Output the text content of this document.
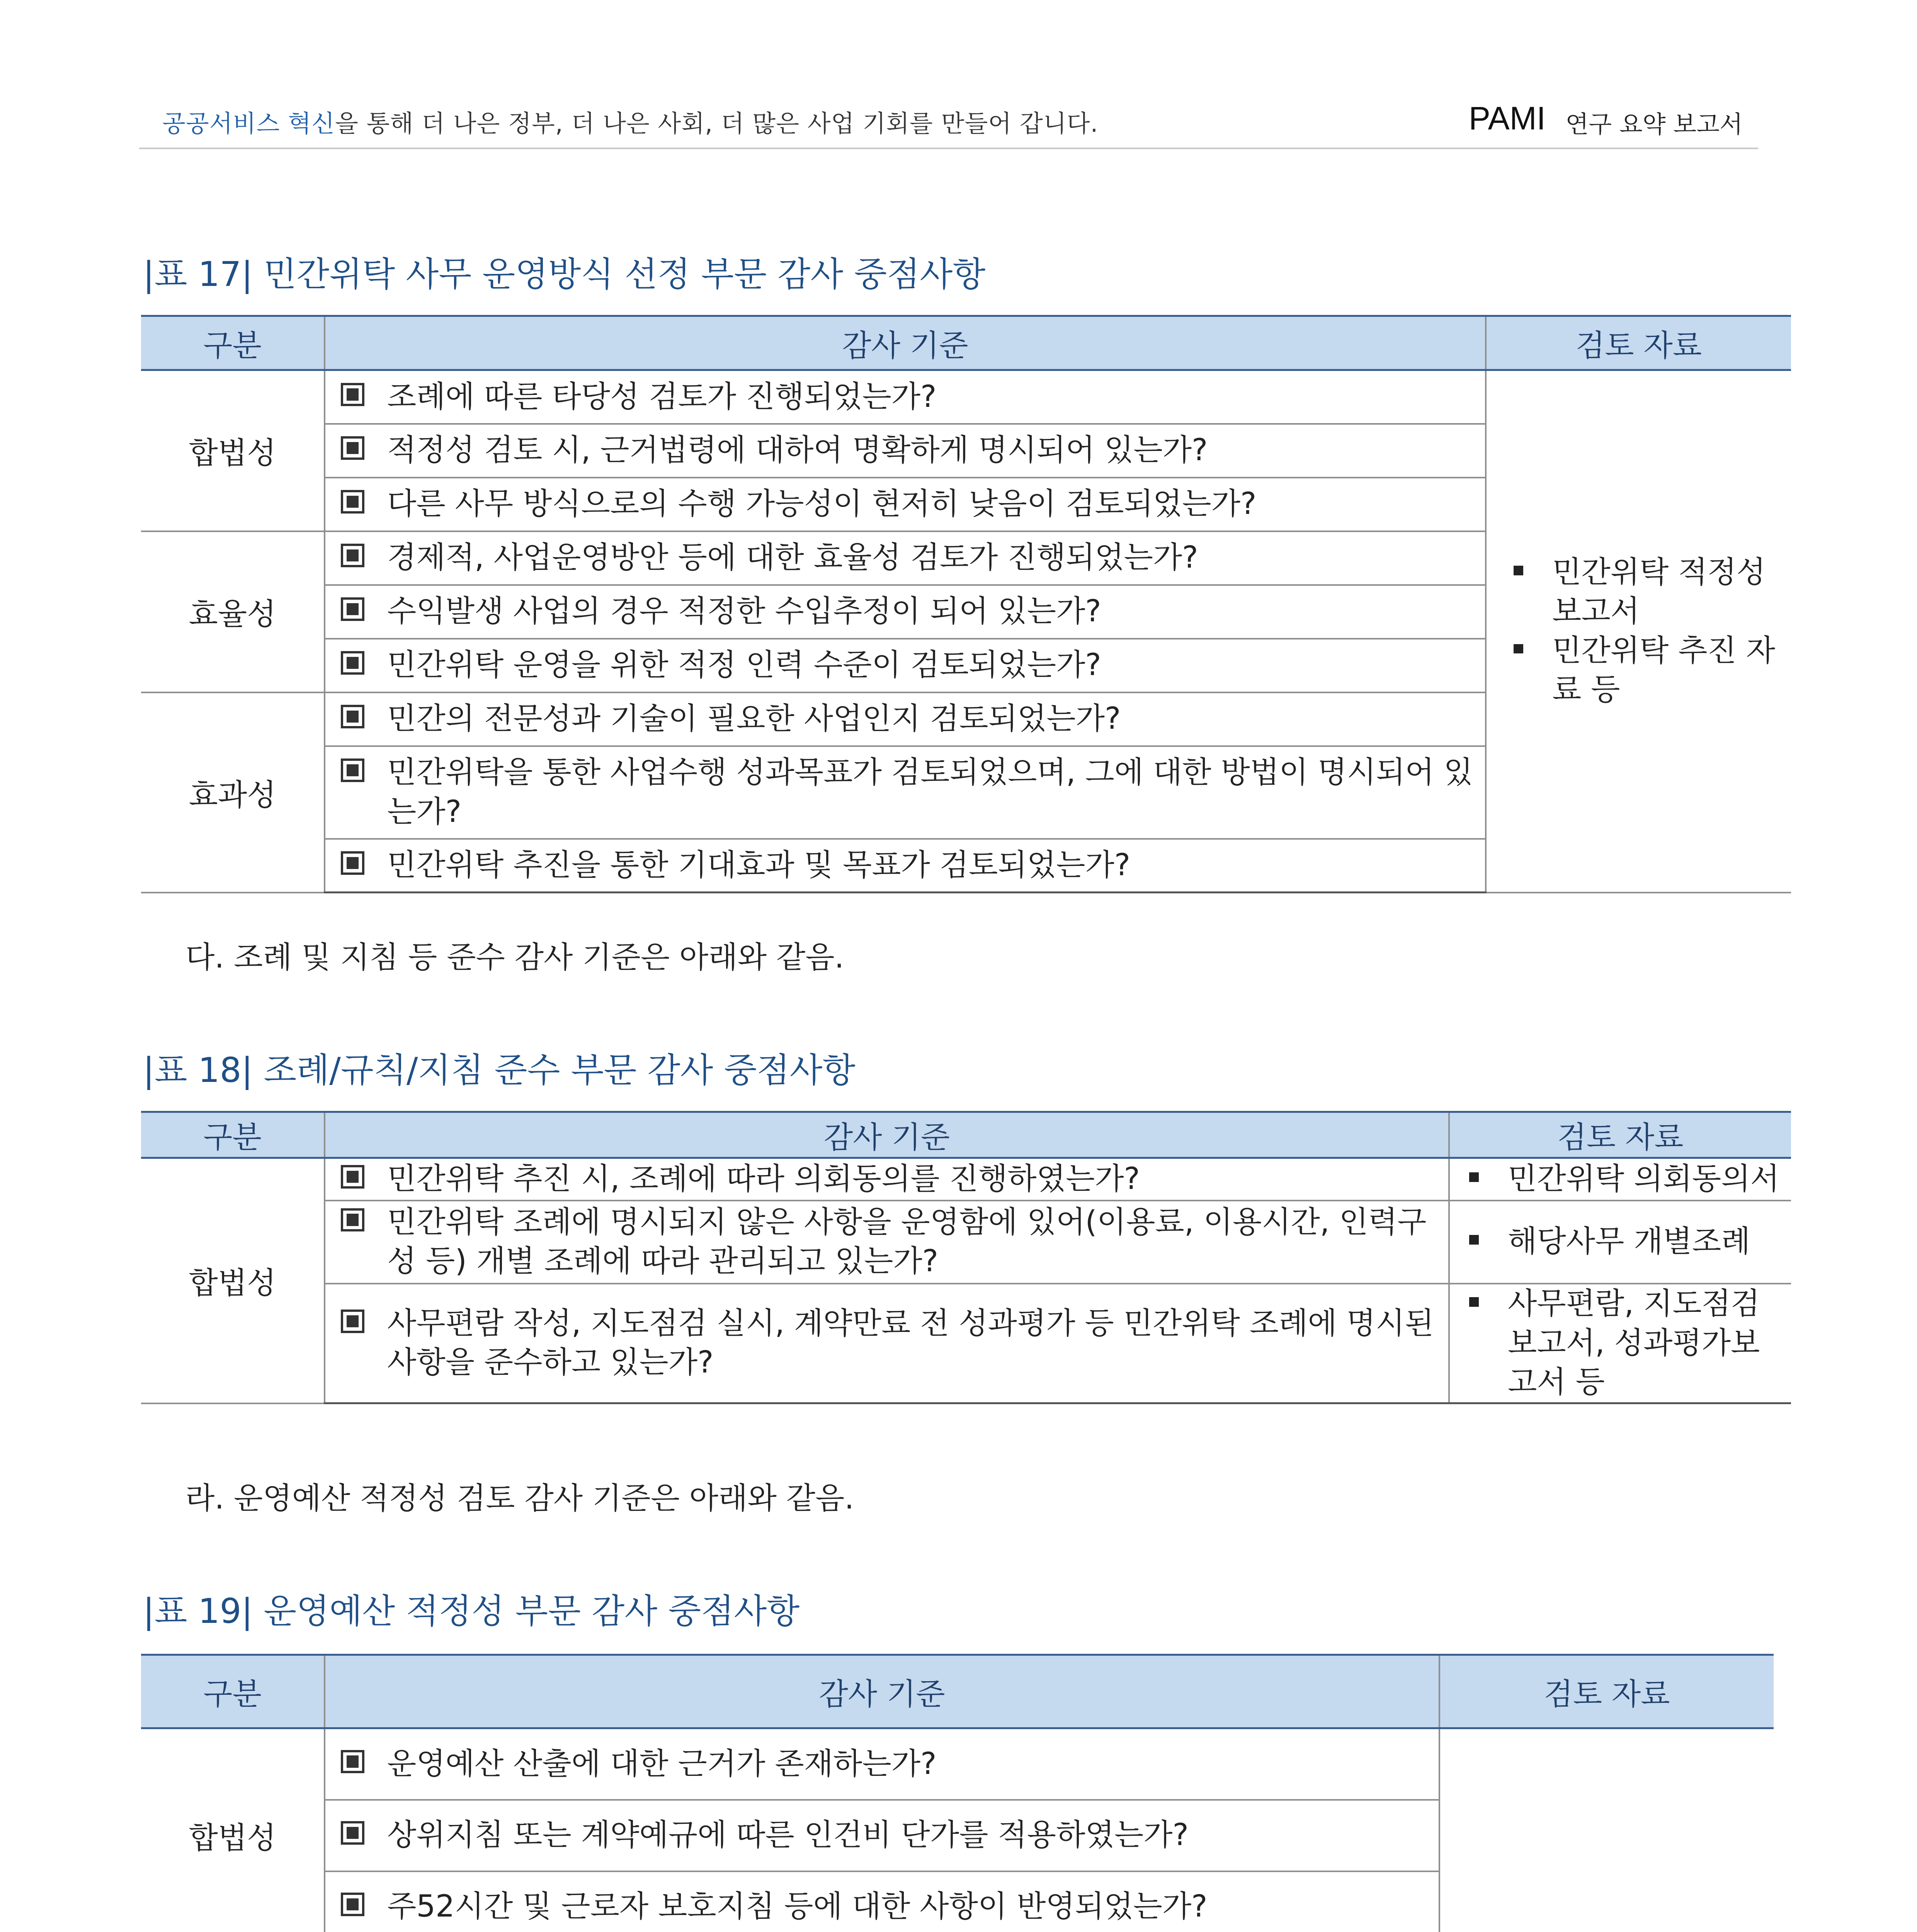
공공서비스 혁신을 통해 더 나은 정부, 더 나은 사회, 더 많은 사업 기회를 만들어 갑니다.	PAMI 연구 요약 보고서
|표 17| 민간위탁 사무 운영방식 선정 부문 감사 중점사항
구분	감사 기준	검토 자료
합법성	조례에 따른 타당성 검토가 진행되었는가?	민간위탁 적정성 보고서
민간위탁 추진 자료 등

적정성 검토 시, 근거법령에 대하여 명확하게 명시되어 있는가?	

다른 사무 방식으로의 수행 가능성이 현저히 낮음이 검토되었는가?	

효율성	경제적, 사업운영방안 등에 대한 효율성 검토가 진행되었는가?	

수익발생 사업의 경우 적정한 수입추정이 되어 있는가?	

민간위탁 운영을 위한 적정 인력 수준이 검토되었는가?	

효과성	민간의 전문성과 기술이 필요한 사업인지 검토되었는가?	

민간위탁을 통한 사업수행 성과목표가 검토되었으며, 그에 대한 방법이 명시되어 있는가?	

민간위탁 추진을 통한 기대효과 및 목표가 검토되었는가?	
다. 조례 및 지침 등 준수 감사 기준은 아래와 같음.
|표 18| 조례/규칙/지침 준수 부문 감사 중점사항
구분	감사 기준	검토 자료
합법성	민간위탁 추진 시, 조례에 따라 의회동의를 진행하였는가?	민간위탁 의회동의서

민간위탁 조례에 명시되지 않은 사항을 운영함에 있어(이용료, 이용시간, 인력구성 등) 개별 조례에 따라 관리되고 있는가?	해당사무 개별조례

사무편람 작성, 지도점검 실시, 계약만료 전 성과평가 등 민간위탁 조례에 명시된 사항을 준수하고 있는가?	사무편람, 지도점검보고서, 성과평가보고서 등
라. 운영예산 적정성 검토 감사 기준은 아래와 같음.
|표 19| 운영예산 적정성 부문 감사 중점사항
구분	감사 기준	검토 자료
합법성	운영예산 산출에 대한 근거가 존재하는가?

상위지침 또는 계약예규에 따른 인건비 단가를 적용하였는가?	

주52시간 및 근로자 보호지침 등에 대한 사항이 반영되었는가?	
